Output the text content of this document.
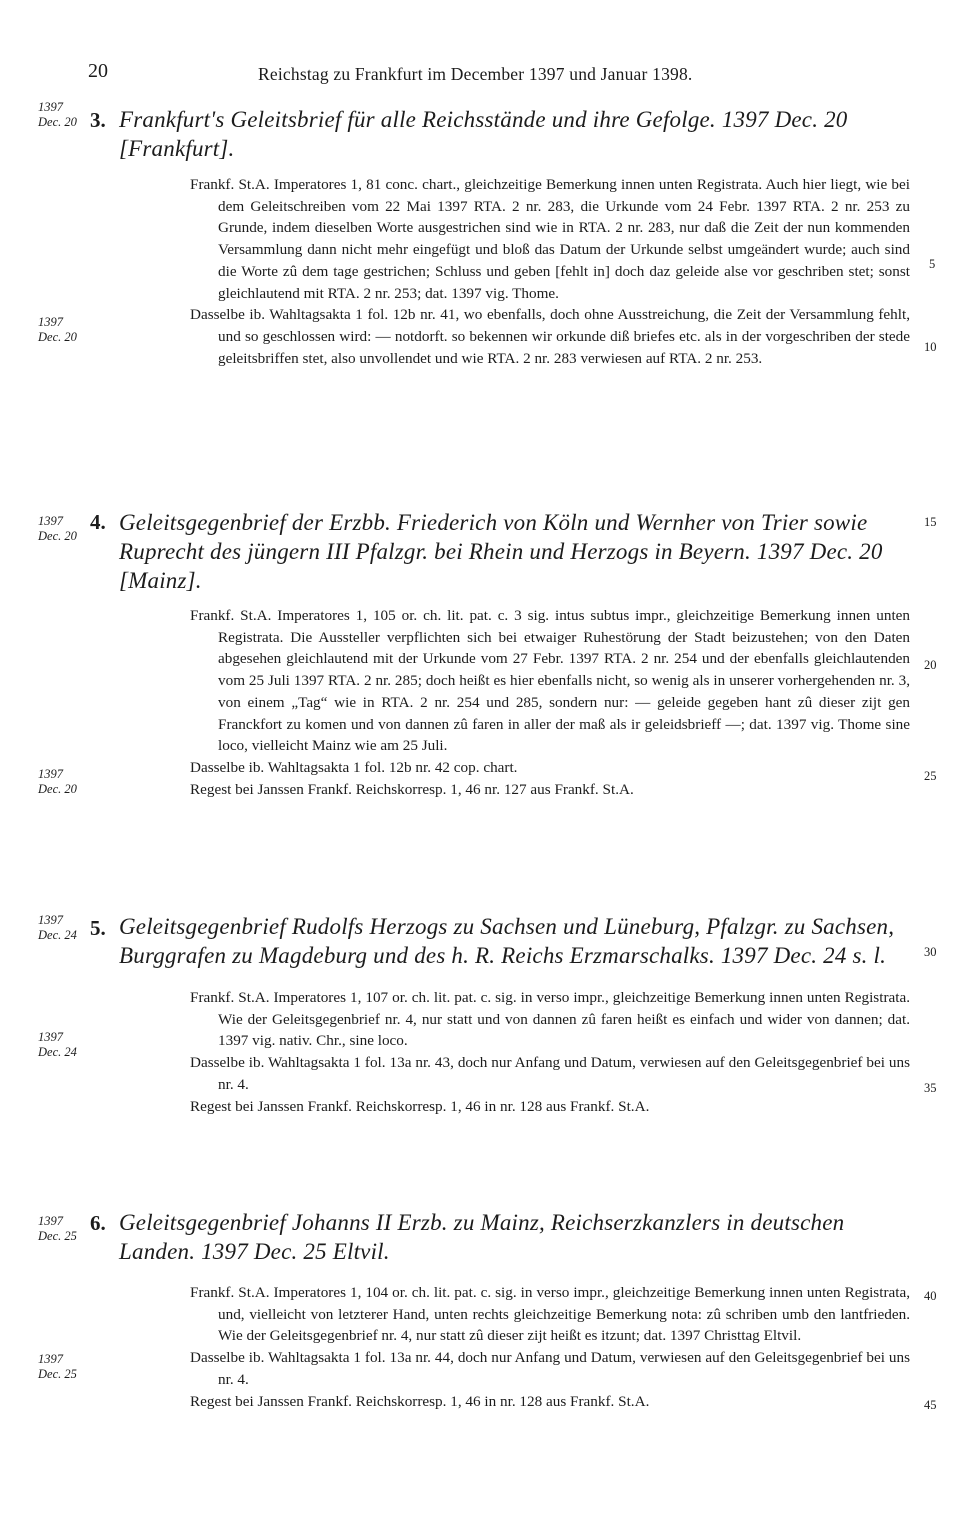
20	Reichstag zu Frankfurt im December 1397 und Januar 1398.
1397
Dec. 20 3. Frankfurt's Geleitsbrief für alle Reichsstände und ihre Gefolge. 1397 Dec. 20 [Frankfurt].
1397
Dec. 20

Frankf. St.A. Imperatores 1, 81 conc. chart., gleichzeitige Bemerkung innen unten Registrata. Auch hier liegt, wie bei dem Geleitschreiben vom 22 Mai 1397 RTA. 2 nr. 283, die Urkunde vom 24 Febr. 1397 RTA. 2 nr. 253 zu Grunde, indem dieselben Worte ausgestrichen sind wie in RTA. 2 nr. 283, nur daß die Zeit der nun kommenden Versammlung dann nicht mehr eingefügt und bloß das Datum der Urkunde selbst umgeändert wurde; auch sind die Worte zû dem tage gestrichen; Schluss und geben [fehlt in] doch daz geleide alse vor geschriben stet; sonst gleichlautend mit RTA. 2 nr. 253; dat. 1397 vig. Thome.

Dasselbe ib. Wahltagsakta 1 fol. 12b nr. 41, wo ebenfalls, doch ohne Ausstreichung, die Zeit der Versammlung fehlt, und so geschlossen wird: — notdorft. so bekennen wir orkunde diß briefes etc. als in der vorgeschriben der stede geleitsbriffen stet, also unvollendet und wie RTA. 2 nr. 283 verwiesen auf RTA. 2 nr. 253.

1397
Dec. 20
4. Geleitsgegenbrief der Erzbb. Friederich von Köln und Wernher von Trier sowie Ruprecht des jüngern III Pfalzgr. bei Rhein und Herzogs in Beyern. 1397 Dec. 20 [Mainz].
1397
Dec. 20

Frankf. St.A. Imperatores 1, 105 or. ch. lit. pat. c. 3 sig. intus subtus impr., gleichzeitige Bemerkung innen unten Registrata. Die Aussteller verpflichten sich bei etwaiger Ruhestörung der Stadt beizustehen; von den Daten abgesehen gleichlautend mit der Urkunde vom 27 Febr. 1397 RTA. 2 nr. 254 und der ebenfalls gleichlautenden vom 25 Juli 1397 RTA. 2 nr. 285; doch heißt es hier ebenfalls nicht, so wenig als in unserer vorhergehenden nr. 3, von einem „Tag“ wie in RTA. 2 nr. 254 und 285, sondern nur: — geleide gegeben hant zû dieser zijt gen Franckfort zu komen und von dannen zû faren in aller der maß als ir geleidsbrieff —; dat. 1397 vig. Thome sine loco, vielleicht Mainz wie am 25 Juli.

Dasselbe ib. Wahltagsakta 1 fol. 12b nr. 42 cop. chart.

Regest bei Janssen Frankf. Reichskorresp. 1, 46 nr. 127 aus Frankf. St.A.

1397
Dec. 24 5. Geleitsgegenbrief Rudolfs Herzogs zu Sachsen und Lüneburg, Pfalzgr. zu Sachsen, Burggrafen zu Magdeburg und des h. R. Reichs Erzmarschalks. 1397 Dec. 24 s. l.
1397
Dec. 24

Frankf. St.A. Imperatores 1, 107 or. ch. lit. pat. c. sig. in verso impr., gleichzeitige Bemerkung innen unten Registrata. Wie der Geleitsgegenbrief nr. 4, nur statt und von dannen zû faren heißt es einfach und wider von dannen; dat. 1397 vig. nativ. Chr., sine loco.

Dasselbe ib. Wahltagsakta 1 fol. 13a nr. 43, doch nur Anfang und Datum, verwiesen auf den Geleitsgegenbrief bei uns nr. 4.

Regest bei Janssen Frankf. Reichskorresp. 1, 46 in nr. 128 aus Frankf. St.A.

1397
Dec. 25
6. Geleitsgegenbrief Johanns II Erzb. zu Mainz, Reichserzkanzlers in deutschen Landen. 1397 Dec. 25 Eltvil.
1397
Dec. 25

Frankf. St.A. Imperatores 1, 104 or. ch. lit. pat. c. sig. in verso impr., gleichzeitige Bemerkung innen unten Registrata, und, vielleicht von letzterer Hand, unten rechts gleichzeitige Bemerkung nota: zû schriben umb den lantfrieden. Wie der Geleitsgegenbrief nr. 4, nur statt zû dieser zijt heißt es itzunt; dat. 1397 Christtag Eltvil.

Dasselbe ib. Wahltagsakta 1 fol. 13a nr. 44, doch nur Anfang und Datum, verwiesen auf den Geleitsgegenbrief bei uns nr. 4.

Regest bei Janssen Frankf. Reichskorresp. 1, 46 in nr. 128 aus Frankf. St.A.

5
10
15
20
25
30
35
40
45
